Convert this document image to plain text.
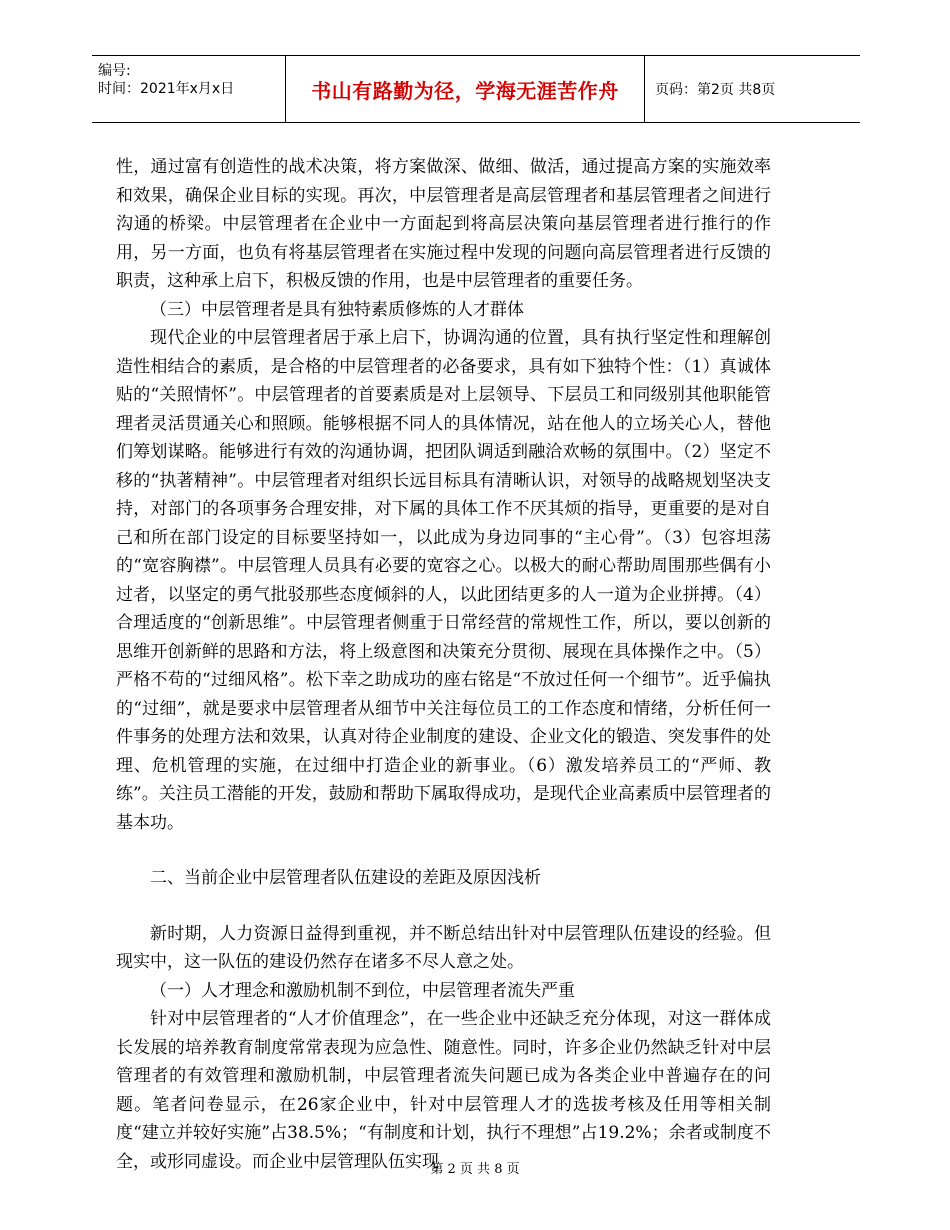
编号:
时间：2021年x月x日	书山有路勤为径，学海无涯苦作舟	页码：第2页 共8页

性，通过富有创造性的战术决策，将方案做深、做细、做活，通过提高方案的实施效率和效果，确保企业目标的实现。再次，中层管理者是高层管理者和基层管理者之间进行沟通的桥梁。中层管理者在企业中一方面起到将高层决策向基层管理者进行推行的作用，另一方面，也负有将基层管理者在实施过程中发现的问题向高层管理者进行反馈的职责，这种承上启下，积极反馈的作用，也是中层管理者的重要任务。

（三）中层管理者是具有独特素质修炼的人才群体

现代企业的中层管理者居于承上启下，协调沟通的位置，具有执行坚定性和理解创造性相结合的素质，是合格的中层管理者的必备要求，具有如下独特个性：（1）真诚体贴的“关照情怀”。中层管理者的首要素质是对上层领导、下层员工和同级别其他职能管理者灵活贯通关心和照顾。能够根据不同人的具体情况，站在他人的立场关心人，替他们筹划谋略。能够进行有效的沟通协调，把团队调适到融洽欢畅的氛围中。（2）坚定不移的“执著精神”。中层管理者对组织长远目标具有清晰认识，对领导的战略规划坚决支持，对部门的各项事务合理安排，对下属的具体工作不厌其烦的指导，更重要的是对自己和所在部门设定的目标要坚持如一，以此成为身边同事的“主心骨”。（3）包容坦荡的“宽容胸襟”。中层管理人员具有必要的宽容之心。以极大的耐心帮助周围那些偶有小过者，以坚定的勇气批驳那些态度倾斜的人，以此团结更多的人一道为企业拼搏。（4）合理适度的“创新思维”。中层管理者侧重于日常经营的常规性工作，所以，要以创新的思维开创新鲜的思路和方法，将上级意图和决策充分贯彻、展现在具体操作之中。（5）严格不苟的“过细风格”。松下幸之助成功的座右铭是“不放过任何一个细节”。近乎偏执的“过细”，就是要求中层管理者从细节中关注每位员工的工作态度和情绪，分析任何一件事务的处理方法和效果，认真对待企业制度的建设、企业文化的锻造、突发事件的处理、危机管理的实施，在过细中打造企业的新事业。（6）激发培养员工的“严师、教练”。关注员工潜能的开发，鼓励和帮助下属取得成功，是现代企业高素质中层管理者的基本功。

二、当前企业中层管理者队伍建设的差距及原因浅析

新时期，人力资源日益得到重视，并不断总结出针对中层管理队伍建设的经验。但现实中，这一队伍的建设仍然存在诸多不尽人意之处。

（一）人才理念和激励机制不到位，中层管理者流失严重

针对中层管理者的“人才价值理念”，在一些企业中还缺乏充分体现，对这一群体成长发展的培养教育制度常常表现为应急性、随意性。同时，许多企业仍然缺乏针对中层管理者的有效管理和激励机制，中层管理者流失问题已成为各类企业中普遍存在的问题。笔者问卷显示，在26家企业中，针对中层管理人才的选拔考核及任用等相关制度“建立并较好实施”占38.5%；“有制度和计划，执行不理想”占19.2%；余者或制度不全，或形同虚设。而企业中层管理队伍实现

第 2 页 共 8 页
